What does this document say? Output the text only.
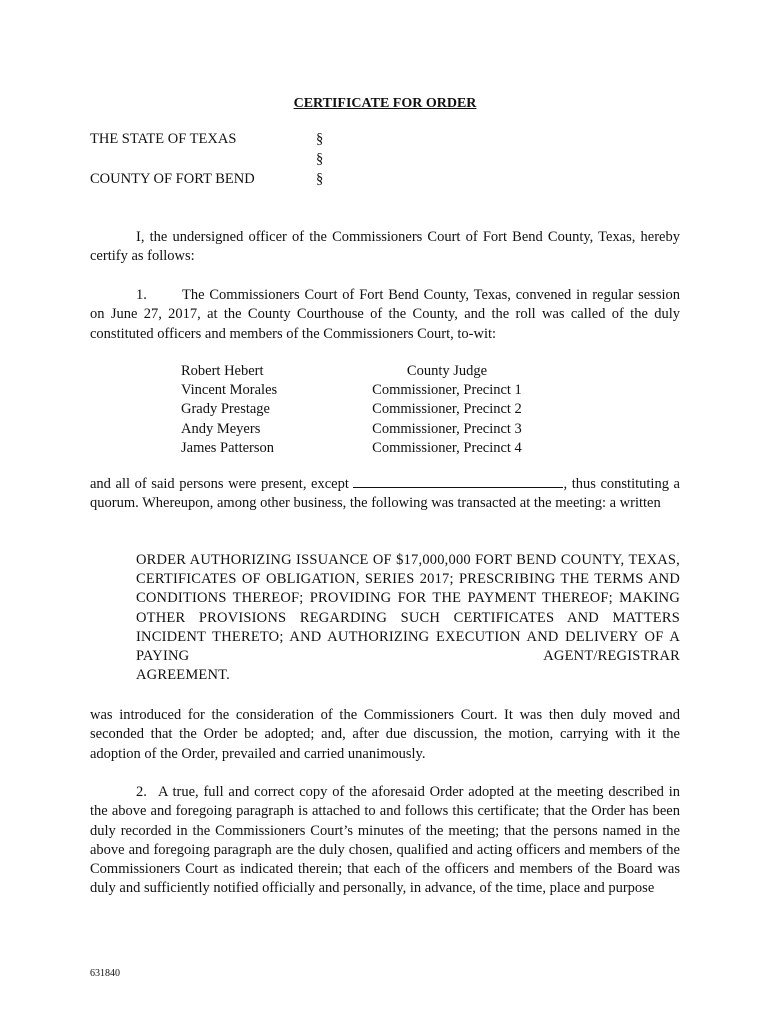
CERTIFICATE FOR ORDER
THE STATE OF TEXAS	§
§
COUNTY OF FORT BEND	§
I, the undersigned officer of the Commissioners Court of Fort Bend County, Texas, hereby certify as follows:
1. The Commissioners Court of Fort Bend County, Texas, convened in regular session on June 27, 2017, at the County Courthouse of the County, and the roll was called of the duly constituted officers and members of the Commissioners Court, to-wit:
Robert Hebert	County Judge
Vincent Morales	Commissioner, Precinct 1
Grady Prestage	Commissioner, Precinct 2
Andy Meyers	Commissioner, Precinct 3
James Patterson	Commissioner, Precinct 4
and all of said persons were present, except	, thus constituting a quorum. Whereupon, among other business, the following was transacted at the meeting: a written
ORDER AUTHORIZING ISSUANCE OF $17,000,000 FORT BEND COUNTY, TEXAS, CERTIFICATES OF OBLIGATION, SERIES 2017; PRESCRIBING THE TERMS AND CONDITIONS THEREOF; PROVIDING FOR THE PAYMENT THEREOF; MAKING OTHER PROVISIONS REGARDING SUCH CERTIFICATES AND MATTERS INCIDENT THERETO; AND AUTHORIZING EXECUTION AND DELIVERY OF A PAYING AGENT/REGISTRAR
AGREEMENT.
was introduced for the consideration of the Commissioners Court. It was then duly moved and seconded that the Order be adopted; and, after due discussion, the motion, carrying with it the adoption of the Order, prevailed and carried unanimously.
2. A true, full and correct copy of the aforesaid Order adopted at the meeting described in the above and foregoing paragraph is attached to and follows this certificate; that the Order has been duly recorded in the Commissioners Court’s minutes of the meeting; that the persons named in the above and foregoing paragraph are the duly chosen, qualified and acting officers and members of the Commissioners Court as indicated therein; that each of the officers and members of the Board was duly and sufficiently notified officially and personally, in advance, of the time, place and purpose
631840
